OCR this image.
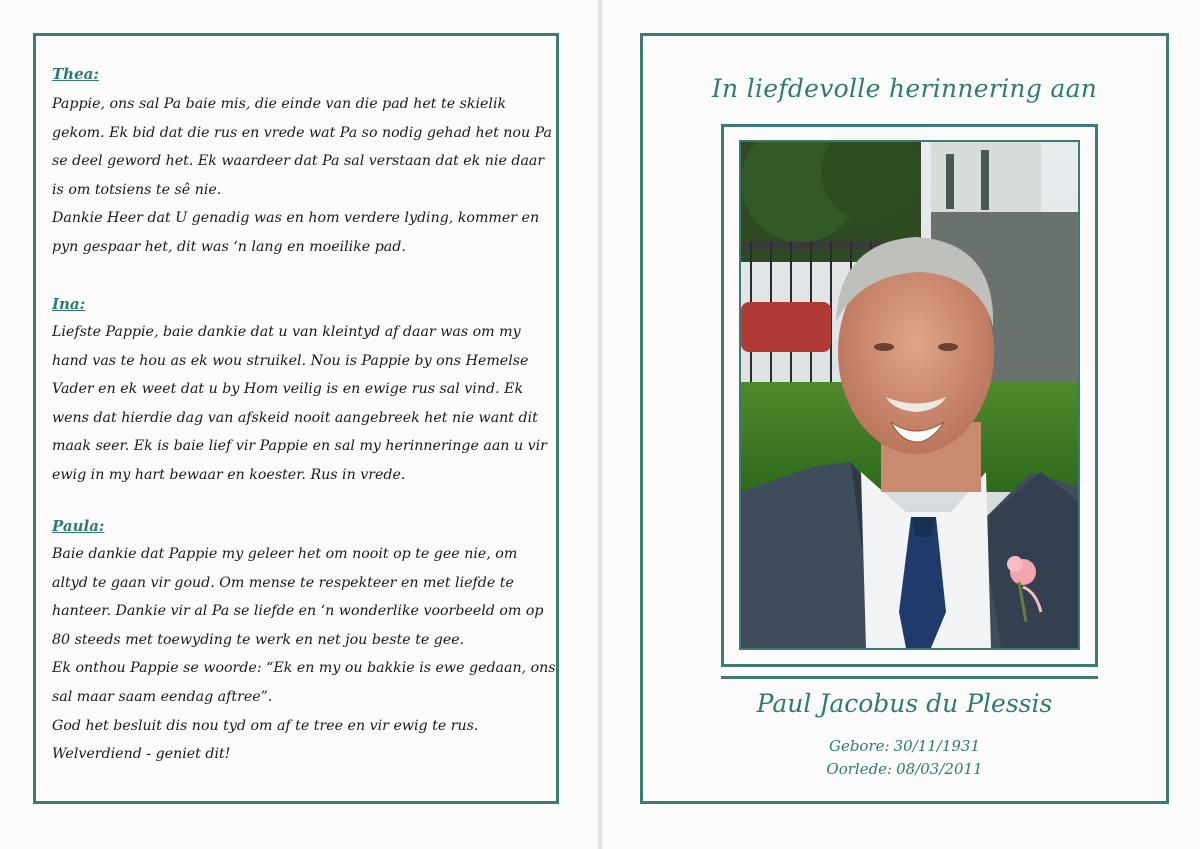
Thea:

Pappie, ons sal Pa baie mis, die einde van die pad het te skielik

gekom. Ek bid dat die rus en vrede wat Pa so nodig gehad het nou Pa

se deel geword het. Ek waardeer dat Pa sal verstaan dat ek nie daar

is om totsiens te sê nie.

Dankie Heer dat U genadig was en hom verdere lyding, kommer en

pyn gespaar het, dit was ‘n lang en moeilike pad.

Ina:

Liefste Pappie, baie dankie dat u van kleintyd af daar was om my

hand vas te hou as ek wou struikel. Nou is Pappie by ons Hemelse

Vader en ek weet dat u by Hom veilig is en ewige rus sal vind. Ek

wens dat hierdie dag van afskeid nooit aangebreek het nie want dit

maak seer. Ek is baie lief vir Pappie en sal my herinneringe aan u vir

ewig in my hart bewaar en koester. Rus in vrede.

Paula:

Baie dankie dat Pappie my geleer het om nooit op te gee nie, om

altyd te gaan vir goud. Om mense te respekteer en met liefde te

hanteer. Dankie vir al Pa se liefde en ‘n wonderlike voorbeeld om op

80 steeds met toewyding te werk en net jou beste te gee.

Ek onthou Pappie se woorde: “Ek en my ou bakkie is ewe gedaan, ons

sal maar saam eendag aftree”.

God het besluit dis nou tyd om af te tree en vir ewig te rus.

Welverdiend - geniet dit!

In liefdevolle herinnering aan
Paul Jacobus du Plessis
Gebore: 30/11/1931
Oorlede: 08/03/2011
